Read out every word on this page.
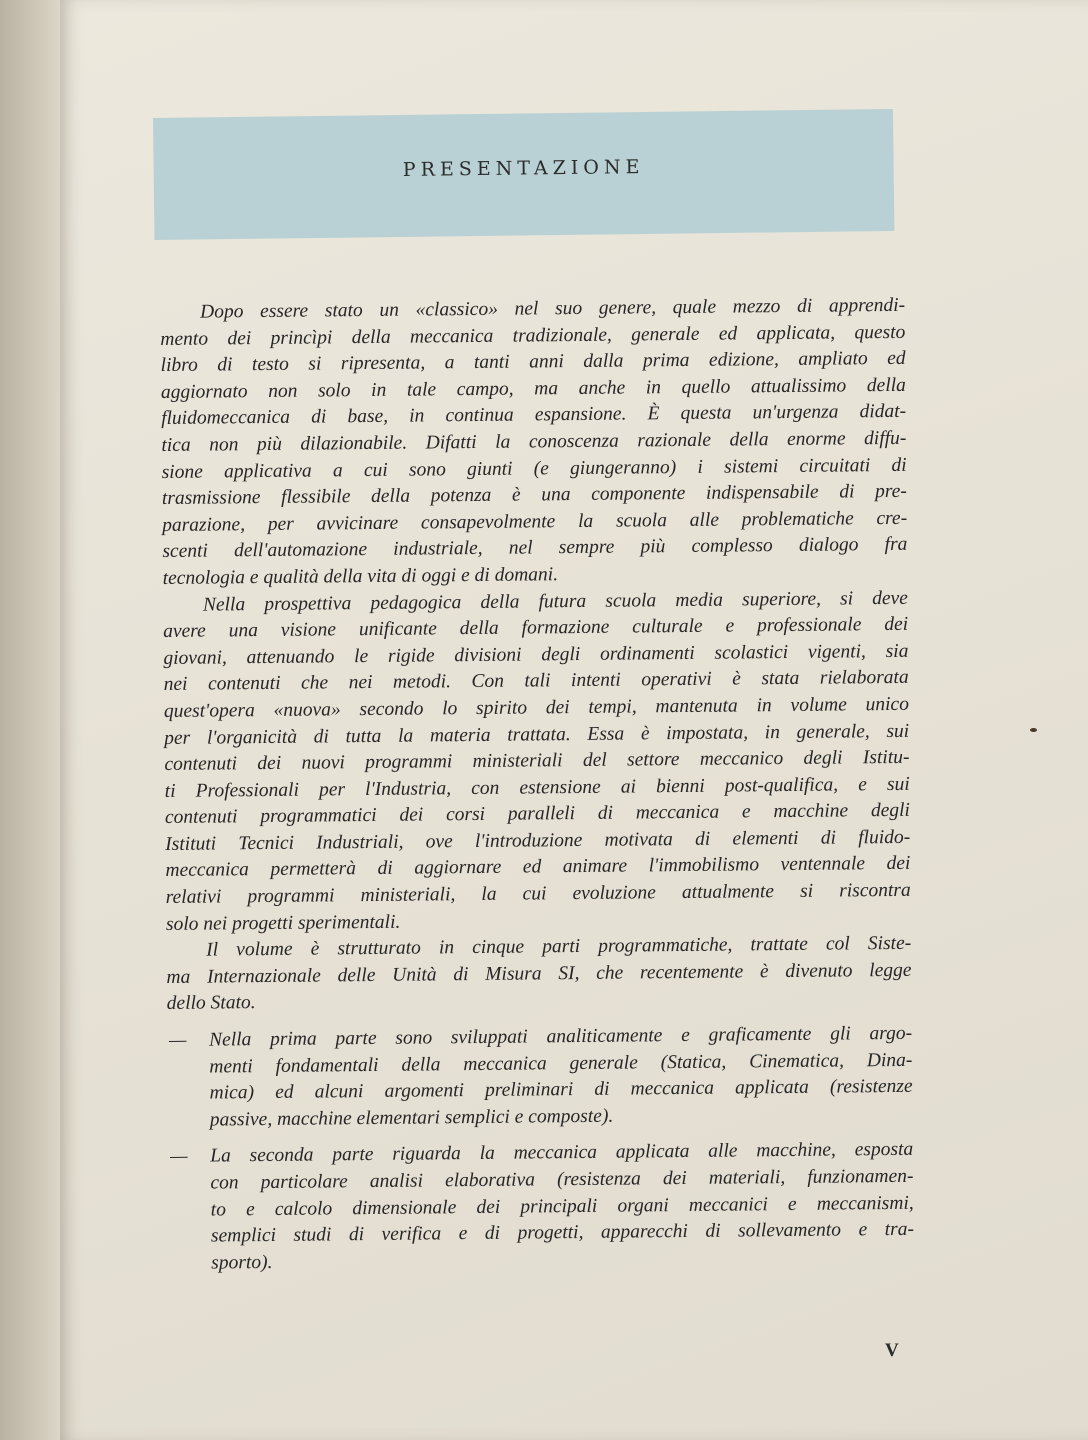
PRESENTAZIONE
Dopo essere stato un «classico» nel suo genere, quale mezzo di apprendi-
mento dei princìpi della meccanica tradizionale, generale ed applicata, questo
libro di testo si ripresenta, a tanti anni dalla prima edizione, ampliato ed
aggiornato non solo in tale campo, ma anche in quello attualissimo della
fluidomeccanica di base, in continua espansione. È questa un'urgenza didat-
tica non più dilazionabile. Difatti la conoscenza razionale della enorme diffu-
sione applicativa a cui sono giunti (e giungeranno) i sistemi circuitati di
trasmissione flessibile della potenza è una componente indispensabile di pre-
parazione, per avvicinare consapevolmente la scuola alle problematiche cre-
scenti dell'automazione industriale, nel sempre più complesso dialogo fra
tecnologia e qualità della vita di oggi e di domani.
Nella prospettiva pedagogica della futura scuola media superiore, si deve
avere una visione unificante della formazione culturale e professionale dei
giovani, attenuando le rigide divisioni degli ordinamenti scolastici vigenti, sia
nei contenuti che nei metodi. Con tali intenti operativi è stata rielaborata
quest'opera «nuova» secondo lo spirito dei tempi, mantenuta in volume unico
per l'organicità di tutta la materia trattata. Essa è impostata, in generale, sui
contenuti dei nuovi programmi ministeriali del settore meccanico degli Istitu-
ti Professionali per l'Industria, con estensione ai bienni post-qualifica, e sui
contenuti programmatici dei corsi paralleli di meccanica e macchine degli
Istituti Tecnici Industriali, ove l'introduzione motivata di elementi di fluido-
meccanica permetterà di aggiornare ed animare l'immobilismo ventennale dei
relativi programmi ministeriali, la cui evoluzione attualmente si riscontra
solo nei progetti sperimentali.
Il volume è strutturato in cinque parti programmatiche, trattate col Siste-
ma Internazionale delle Unità di Misura SI, che recentemente è divenuto legge
dello Stato.
— Nella prima parte sono sviluppati analiticamente e graficamente gli argo-
menti fondamentali della meccanica generale (Statica, Cinematica, Dina-
mica) ed alcuni argomenti preliminari di meccanica applicata (resistenze
passive, macchine elementari semplici e composte).
— La seconda parte riguarda la meccanica applicata alle macchine, esposta
con particolare analisi elaborativa (resistenza dei materiali, funzionamen-
to e calcolo dimensionale dei principali organi meccanici e meccanismi,
semplici studi di verifica e di progetti, apparecchi di sollevamento e tra-
sporto).
V
